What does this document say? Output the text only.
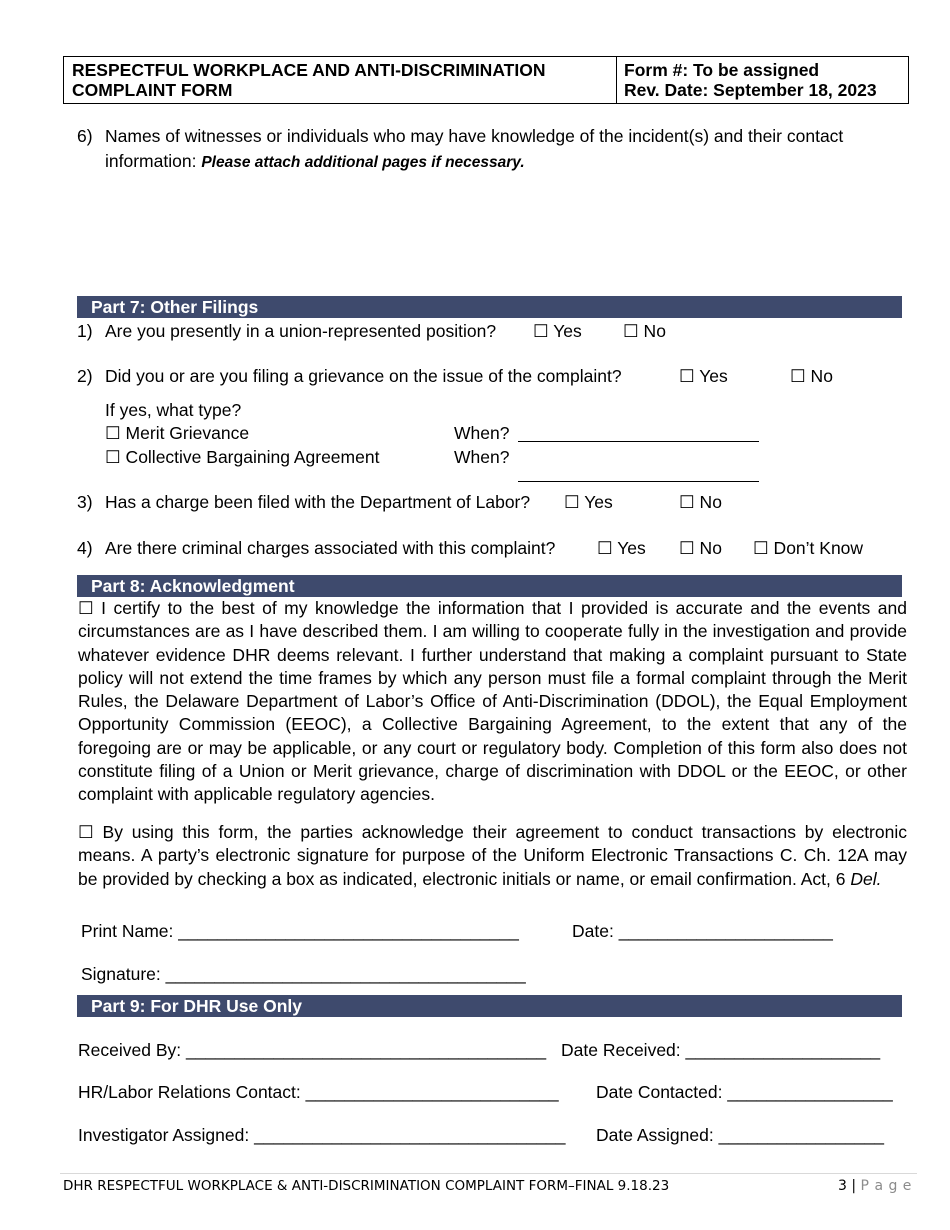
RESPECTFUL WORKPLACE AND ANTI-DISCRIMINATION COMPLAINT FORM
Form #: To be assigned
Rev. Date: September 18, 2023
6) Names of witnesses or individuals who may have knowledge of the incident(s) and their contact
information: Please attach additional pages if necessary.
Part 7: Other Filings
1) Are you presently in a union-represented position? ☐ Yes ☐ No
2) Did you or are you filing a grievance on the issue of the complaint?	☐ Yes	☐ No
If yes, what type?
☐ Merit Grievance	When?
☐ Collective Bargaining Agreement	When?
3) Has a charge been filed with the Department of Labor? ☐ Yes	☐ No
4) Are there criminal charges associated with this complaint? ☐ Yes ☐ No ☐ Don’t Know
Part 8: Acknowledgment
☐ I certify to the best of my knowledge the information that I provided is accurate and the events and circumstances are as I have described them. I am willing to cooperate fully in the investigation and provide whatever evidence DHR deems relevant. I further understand that making a complaint pursuant to State policy will not extend the time frames by which any person must file a formal complaint through the Merit Rules, the Delaware Department of Labor’s Office of Anti-Discrimination (DDOL), the Equal Employment Opportunity Commission (EEOC), a Collective Bargaining Agreement, to the extent that any of the foregoing are or may be applicable, or any court or regulatory body. Completion of this form also does not constitute filing of a Union or Merit grievance, charge of discrimination with DDOL or the EEOC, or other complaint with applicable regulatory agencies.
☐ By using this form, the parties acknowledge their agreement to conduct transactions by electronic means. A party’s electronic signature for purpose of the Uniform Electronic Transactions C. Ch. 12A may be provided by checking a box as indicated, electronic initials or name, or email confirmation. Act, 6 Del.
Print Name: ___________________________________	Date: ______________________
Signature: _____________________________________
Part 9: For DHR Use Only
Received By: _____________________________________ Date Received: ____________________
HR/Labor Relations Contact: __________________________ Date Contacted: _________________
Investigator Assigned: ________________________________ Date Assigned: _________________
DHR RESPECTFUL WORKPLACE & ANTI-DISCRIMINATION COMPLAINT FORM–FINAL 9.18.23	3 | P a g e
